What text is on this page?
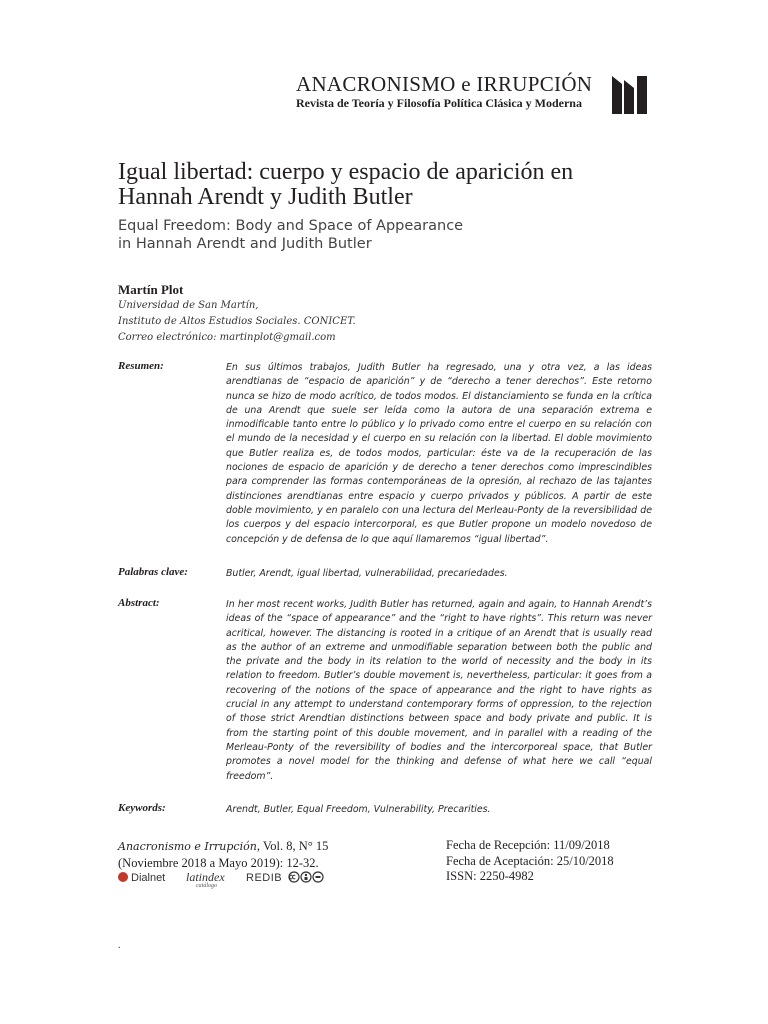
ANACRONISMO e IRRUPCIÓN
Revista de Teoría y Filosofía Política Clásica y Moderna
Igual libertad: cuerpo y espacio de aparición en
Hannah Arendt y Judith Butler
Equal Freedom: Body and Space of Appearance
in Hannah Arendt and Judith Butler
Martín Plot
Universidad de San Martín,
Instituto de Altos Estudios Sociales. CONICET.
Correo electrónico: martinplot@gmail.com
Resumen:	En sus últimos trabajos, Judith Butler ha regresado, una y otra vez, a las ideas arendtianas de “espacio de aparición” y de “derecho a tener derechos”. Este retorno nunca se hizo de modo acrítico, de todos modos. El distanciamiento se funda en la crítica de una Arendt que suele ser leída como la autora de una separación extrema e inmodificable tanto entre lo público y lo privado como entre el cuerpo en su relación con el mundo de la necesidad y el cuerpo en su relación con la libertad. El doble movimiento que Butler realiza es, de todos modos, particular: éste va de la recuperación de las nociones de espacio de aparición y de derecho a tener derechos como imprescindibles para comprender las formas contemporáneas de la opresión, al rechazo de las tajantes distinciones arendtianas entre espacio y cuerpo privados y públicos. A partir de este doble movimiento, y en paralelo con una lectura del Merleau-Ponty de la reversibilidad de los cuerpos y del espacio intercorporal, es que Butler propone un modelo novedoso de concepción y de defensa de lo que aquí llamaremos “igual libertad”.
Palabras clave:	Butler, Arendt, igual libertad, vulnerabilidad, precariedades.
Abstract:	In her most recent works, Judith Butler has returned, again and again, to Hannah Arendt’s ideas of the “space of appearance” and the “right to have rights”. This return was never acritical, however. The distancing is rooted in a critique of an Arendt that is usually read as the author of an extreme and unmodifiable separation between both the public and the private and the body in its relation to the world of necessity and the body in its relation to freedom. Butler’s double movement is, nevertheless, particular: it goes from a recovering of the notions of the space of appearance and the right to have rights as crucial in any attempt to understand contemporary forms of oppression, to the rejection of those strict Arendtian distinctions between space and body private and public. It is from the starting point of this double movement, and in parallel with a reading of the Merleau-Ponty of the reversibility of bodies and the intercorporeal space, that Butler promotes a novel model for the thinking and defense of what here we call “equal freedom”.
Keywords:	Arendt, Butler, Equal Freedom, Vulnerability, Precarities.
Anacronismo e Irrupción, Vol. 8, N° 15
(Noviembre 2018 a Mayo 2019): 12-32.
Fecha de Recepción: 11/09/2018
Fecha de Aceptación: 25/10/2018
ISSN: 2250-4982
Dialnet latindex
catálogo
REDIB
.
